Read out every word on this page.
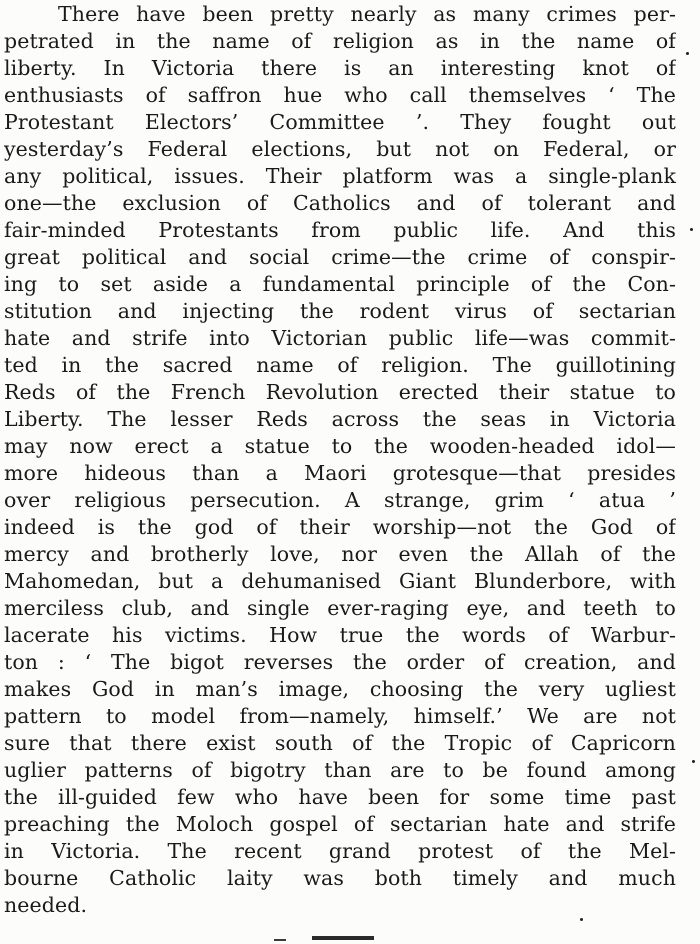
There have been pretty nearly as many crimes per-
petrated in the name of religion as in the name of
liberty. In Victoria there is an interesting knot of
enthusiasts of saffron hue who call themselves ‘ The
Protestant Electors’ Committee ’. They fought out
yesterday’s Federal elections, but not on Federal, or
any political, issues. Their platform was a single-plank
one—the exclusion of Catholics and of tolerant and
fair-minded Protestants from public life. And this
great political and social crime—the crime of conspir-
ing to set aside a fundamental principle of the Con-
stitution and injecting the rodent virus of sectarian
hate and strife into Victorian public life—was commit-
ted in the sacred name of religion. The guillotining
Reds of the French Revolution erected their statue to
Liberty. The lesser Reds across the seas in Victoria
may now erect a statue to the wooden-headed idol—
more hideous than a Maori grotesque—that presides
over religious persecution. A strange, grim ‘ atua ’
indeed is the god of their worship—not the God of
mercy and brotherly love, nor even the Allah of the
Mahomedan, but a dehumanised Giant Blunderbore, with
merciless club, and single ever-raging eye, and teeth to
lacerate his victims. How true the words of Warbur-
ton : ‘ The bigot reverses the order of creation, and
makes God in man’s image, choosing the very ugliest
pattern to model from—namely, himself.’ We are not
sure that there exist south of the Tropic of Capricorn
uglier patterns of bigotry than are to be found among
the ill-guided few who have been for some time past
preaching the Moloch gospel of sectarian hate and strife
in Victoria. The recent grand protest of the Mel-
bourne Catholic laity was both timely and much
needed.
